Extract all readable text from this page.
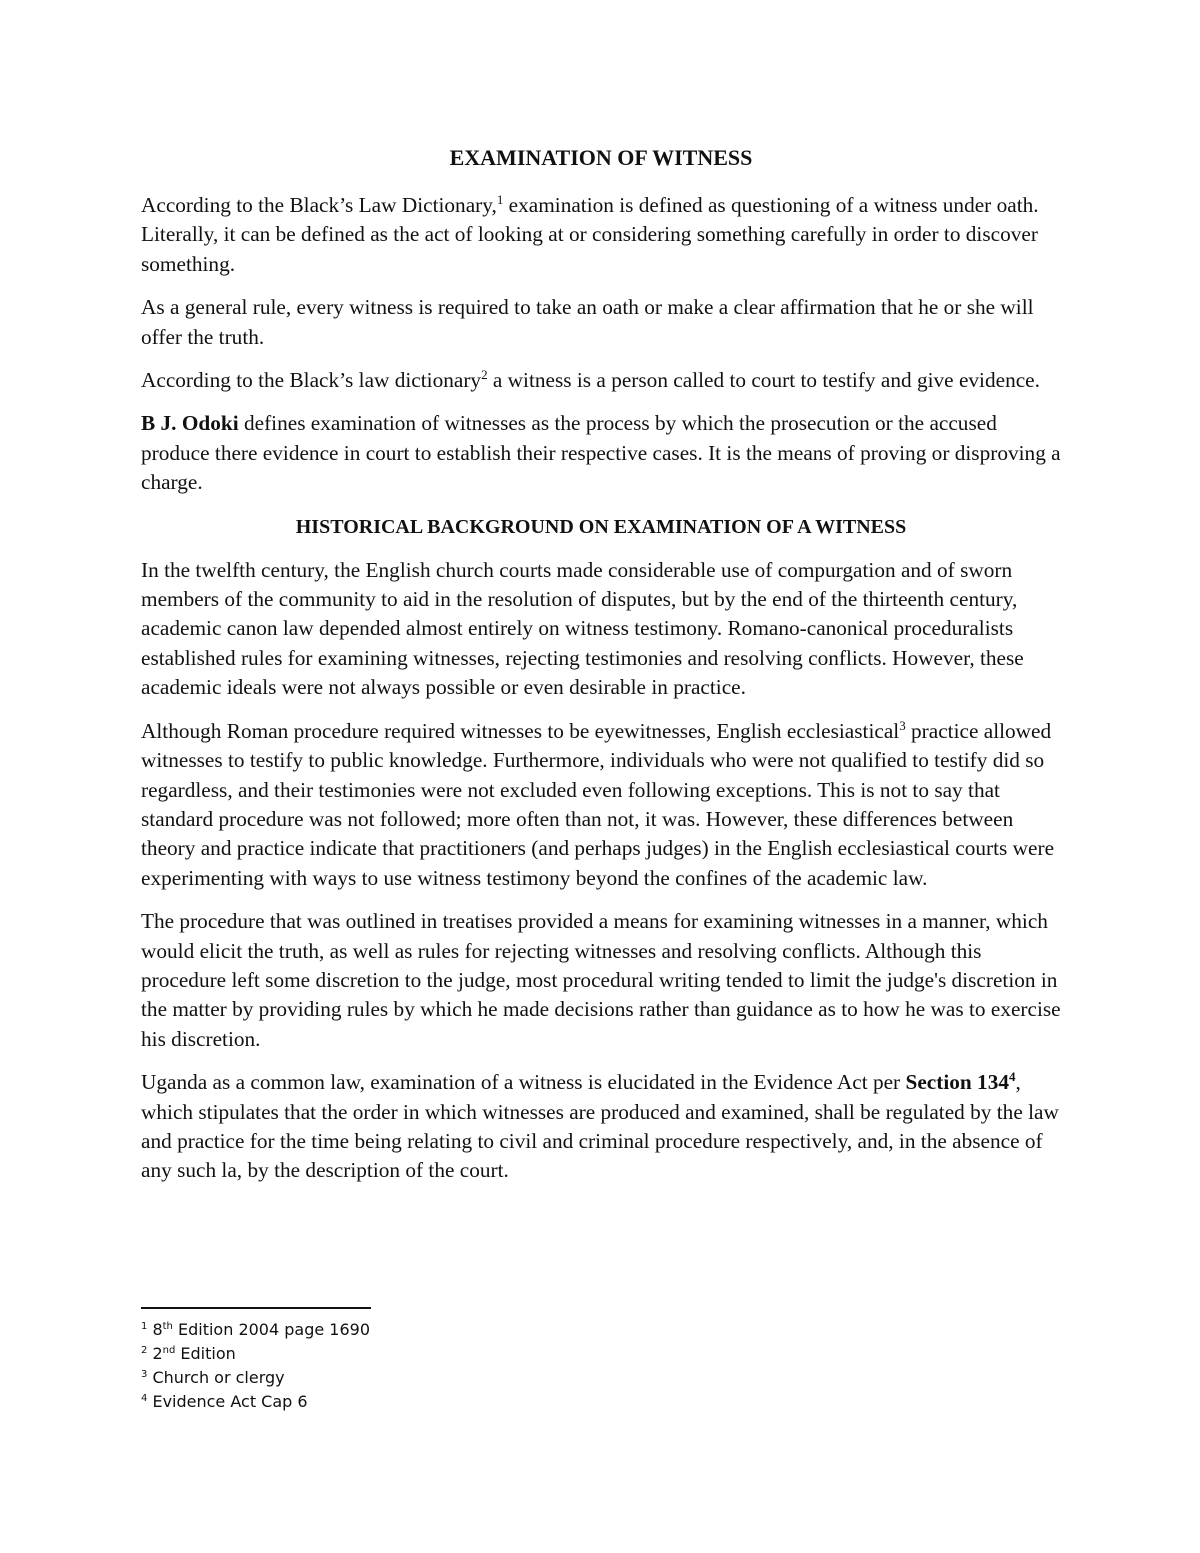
EXAMINATION OF WITNESS

According to the Black’s Law Dictionary,$^1$ examination is defined as questioning of a witness under oath. Literally, it can be defined as the act of looking at or considering something carefully in order to discover something.

As a general rule, every witness is required to take an oath or make a clear affirmation that he or she will offer the truth.

According to the Black’s law dictionary$^2$ a witness is a person called to court to testify and give evidence.

B J. Odoki defines examination of witnesses as the process by which the prosecution or the accused produce there evidence in court to establish their respective cases. It is the means of proving or disproving a charge.

HISTORICAL BACKGROUND ON EXAMINATION OF A WITNESS

In the twelfth century, the English church courts made considerable use of compurgation and of sworn members of the community to aid in the resolution of disputes, but by the end of the thirteenth century, academic canon law depended almost entirely on witness testimony. Romano-canonical proceduralists established rules for examining witnesses, rejecting testimonies and resolving conflicts. However, these academic ideals were not always possible or even desirable in practice.

Although Roman procedure required witnesses to be eyewitnesses, English ecclesiastical$^3$ practice allowed witnesses to testify to public knowledge. Furthermore, individuals who were not qualified to testify did so regardless, and their testimonies were not excluded even following exceptions. This is not to say that standard procedure was not followed; more often than not, it was. However, these differences between theory and practice indicate that practitioners (and perhaps judges) in the English ecclesiastical courts were experimenting with ways to use witness testimony beyond the confines of the academic law.

The procedure that was outlined in treatises provided a means for examining witnesses in a manner, which would elicit the truth, as well as rules for rejecting witnesses and resolving conflicts. Although this procedure left some discretion to the judge, most procedural writing tended to limit the judge's discretion in the matter by providing rules by which he made decisions rather than guidance as to how he was to exercise his discretion.

Uganda as a common law, examination of a witness is elucidated in the Evidence Act per Section $134^4$, which stipulates that the order in which witnesses are produced and examined, shall be regulated by the law and practice for the time being relating to civil and criminal procedure respectively, and, in the absence of any such la, by the description of the court.

$^1$ 8th Edition 2004 page 1690
$^2$ 2nd Edition
$^3$ Church or clergy
$^4$ Evidence Act Cap 6
